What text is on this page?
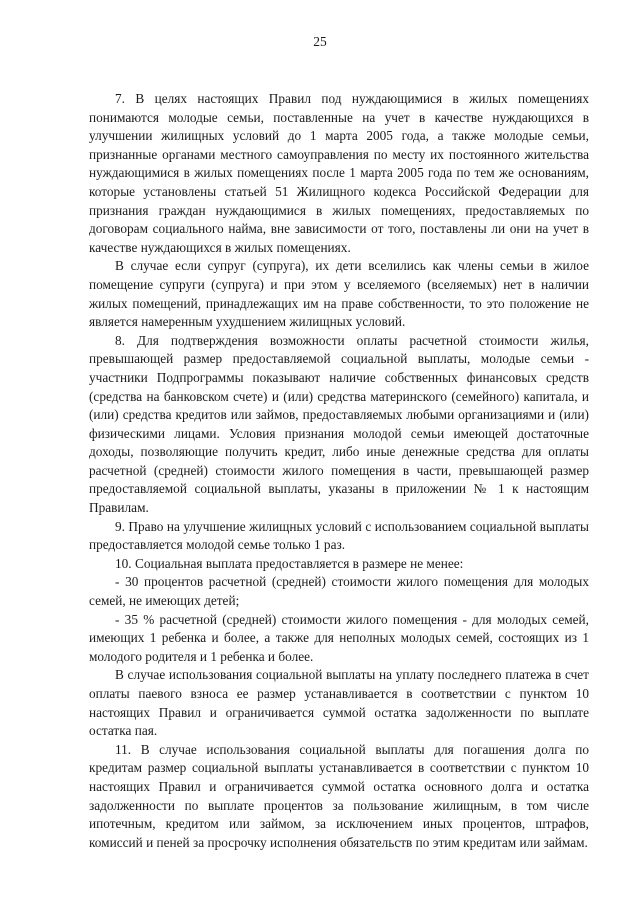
25

7. В целях настоящих Правил под нуждающимися в жилых помещениях понимаются молодые семьи, поставленные на учет в качестве нуждающихся в улучшении жилищных условий до 1 марта 2005 года, а также молодые семьи, признанные органами местного самоуправления по месту их постоянного жительства нуждающимися в жилых помещениях после 1 марта 2005 года по тем же основаниям, которые установлены статьей 51 Жилищного кодекса Российской Федерации для признания граждан нуждающимися в жилых помещениях, предоставляемых по договорам социального найма, вне зависимости от того, поставлены ли они на учет в качестве нуждающихся в жилых помещениях.

В случае если супруг (супруга), их дети вселились как члены семьи в жилое помещение супруги (супруга) и при этом у вселяемого (вселяемых) нет в наличии жилых помещений, принадлежащих им на праве собственности, то это положение не является намеренным ухудшением жилищных условий.

8. Для подтверждения возможности оплаты расчетной стоимости жилья, превышающей размер предоставляемой социальной выплаты, молодые семьи - участники Подпрограммы показывают наличие собственных финансовых средств (средства на банковском счете) и (или) средства материнского (семейного) капитала, и (или) средства кредитов или займов, предоставляемых любыми организациями и (или) физическими лицами. Условия признания молодой семьи имеющей достаточные доходы, позволяющие получить кредит, либо иные денежные средства для оплаты расчетной (средней) стоимости жилого помещения в части, превышающей размер предоставляемой социальной выплаты, указаны в приложении № 1 к настоящим Правилам.

9. Право на улучшение жилищных условий с использованием социальной выплаты предоставляется молодой семье только 1 раз.

10. Социальная выплата предоставляется в размере не менее:

- 30 процентов расчетной (средней) стоимости жилого помещения для молодых семей, не имеющих детей;

- 35 % расчетной (средней) стоимости жилого помещения - для молодых семей, имеющих 1 ребенка и более, а также для неполных молодых семей, состоящих из 1 молодого родителя и 1 ребенка и более.

В случае использования социальной выплаты на уплату последнего платежа в счет оплаты паевого взноса ее размер устанавливается в соответствии с пунктом 10 настоящих Правил и ограничивается суммой остатка задолженности по выплате остатка пая.

11. В случае использования социальной выплаты для погашения долга по кредитам размер социальной выплаты устанавливается в соответствии с пунктом 10 настоящих Правил и ограничивается суммой остатка основного долга и остатка задолженности по выплате процентов за пользование жилищным, в том числе ипотечным, кредитом или займом, за исключением иных процентов, штрафов, комиссий и пеней за просрочку исполнения обязательств по этим кредитам или займам.
